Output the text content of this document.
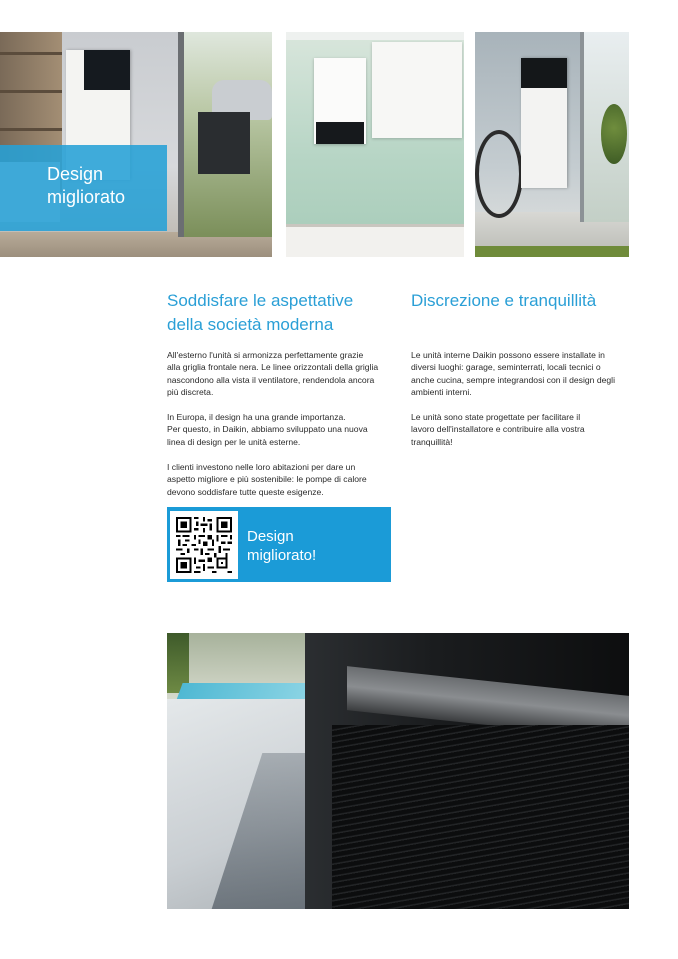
Design
migliorato
Soddisfare le aspettative
della società moderna
All'esterno l'unità si armonizza perfettamente grazie
alla griglia frontale nera. Le linee orizzontali della griglia
nascondono alla vista il ventilatore, rendendola ancora
più discreta.
In Europa, il design ha una grande importanza.
Per questo, in Daikin, abbiamo sviluppato una nuova
linea di design per le unità esterne.
I clienti investono nelle loro abitazioni per dare un
aspetto migliore e più sostenibile: le pompe di calore
devono soddisfare tutte queste esigenze.
Discrezione e tranquillità
Le unità interne Daikin possono essere installate in
diversi luoghi: garage, seminterrati, locali tecnici o
anche cucina, sempre integrandosi con il design degli
ambienti interni.
Le unità sono state progettate per facilitare il
lavoro dell'installatore e contribuire alla vostra
tranquillità!
Design
migliorato!
